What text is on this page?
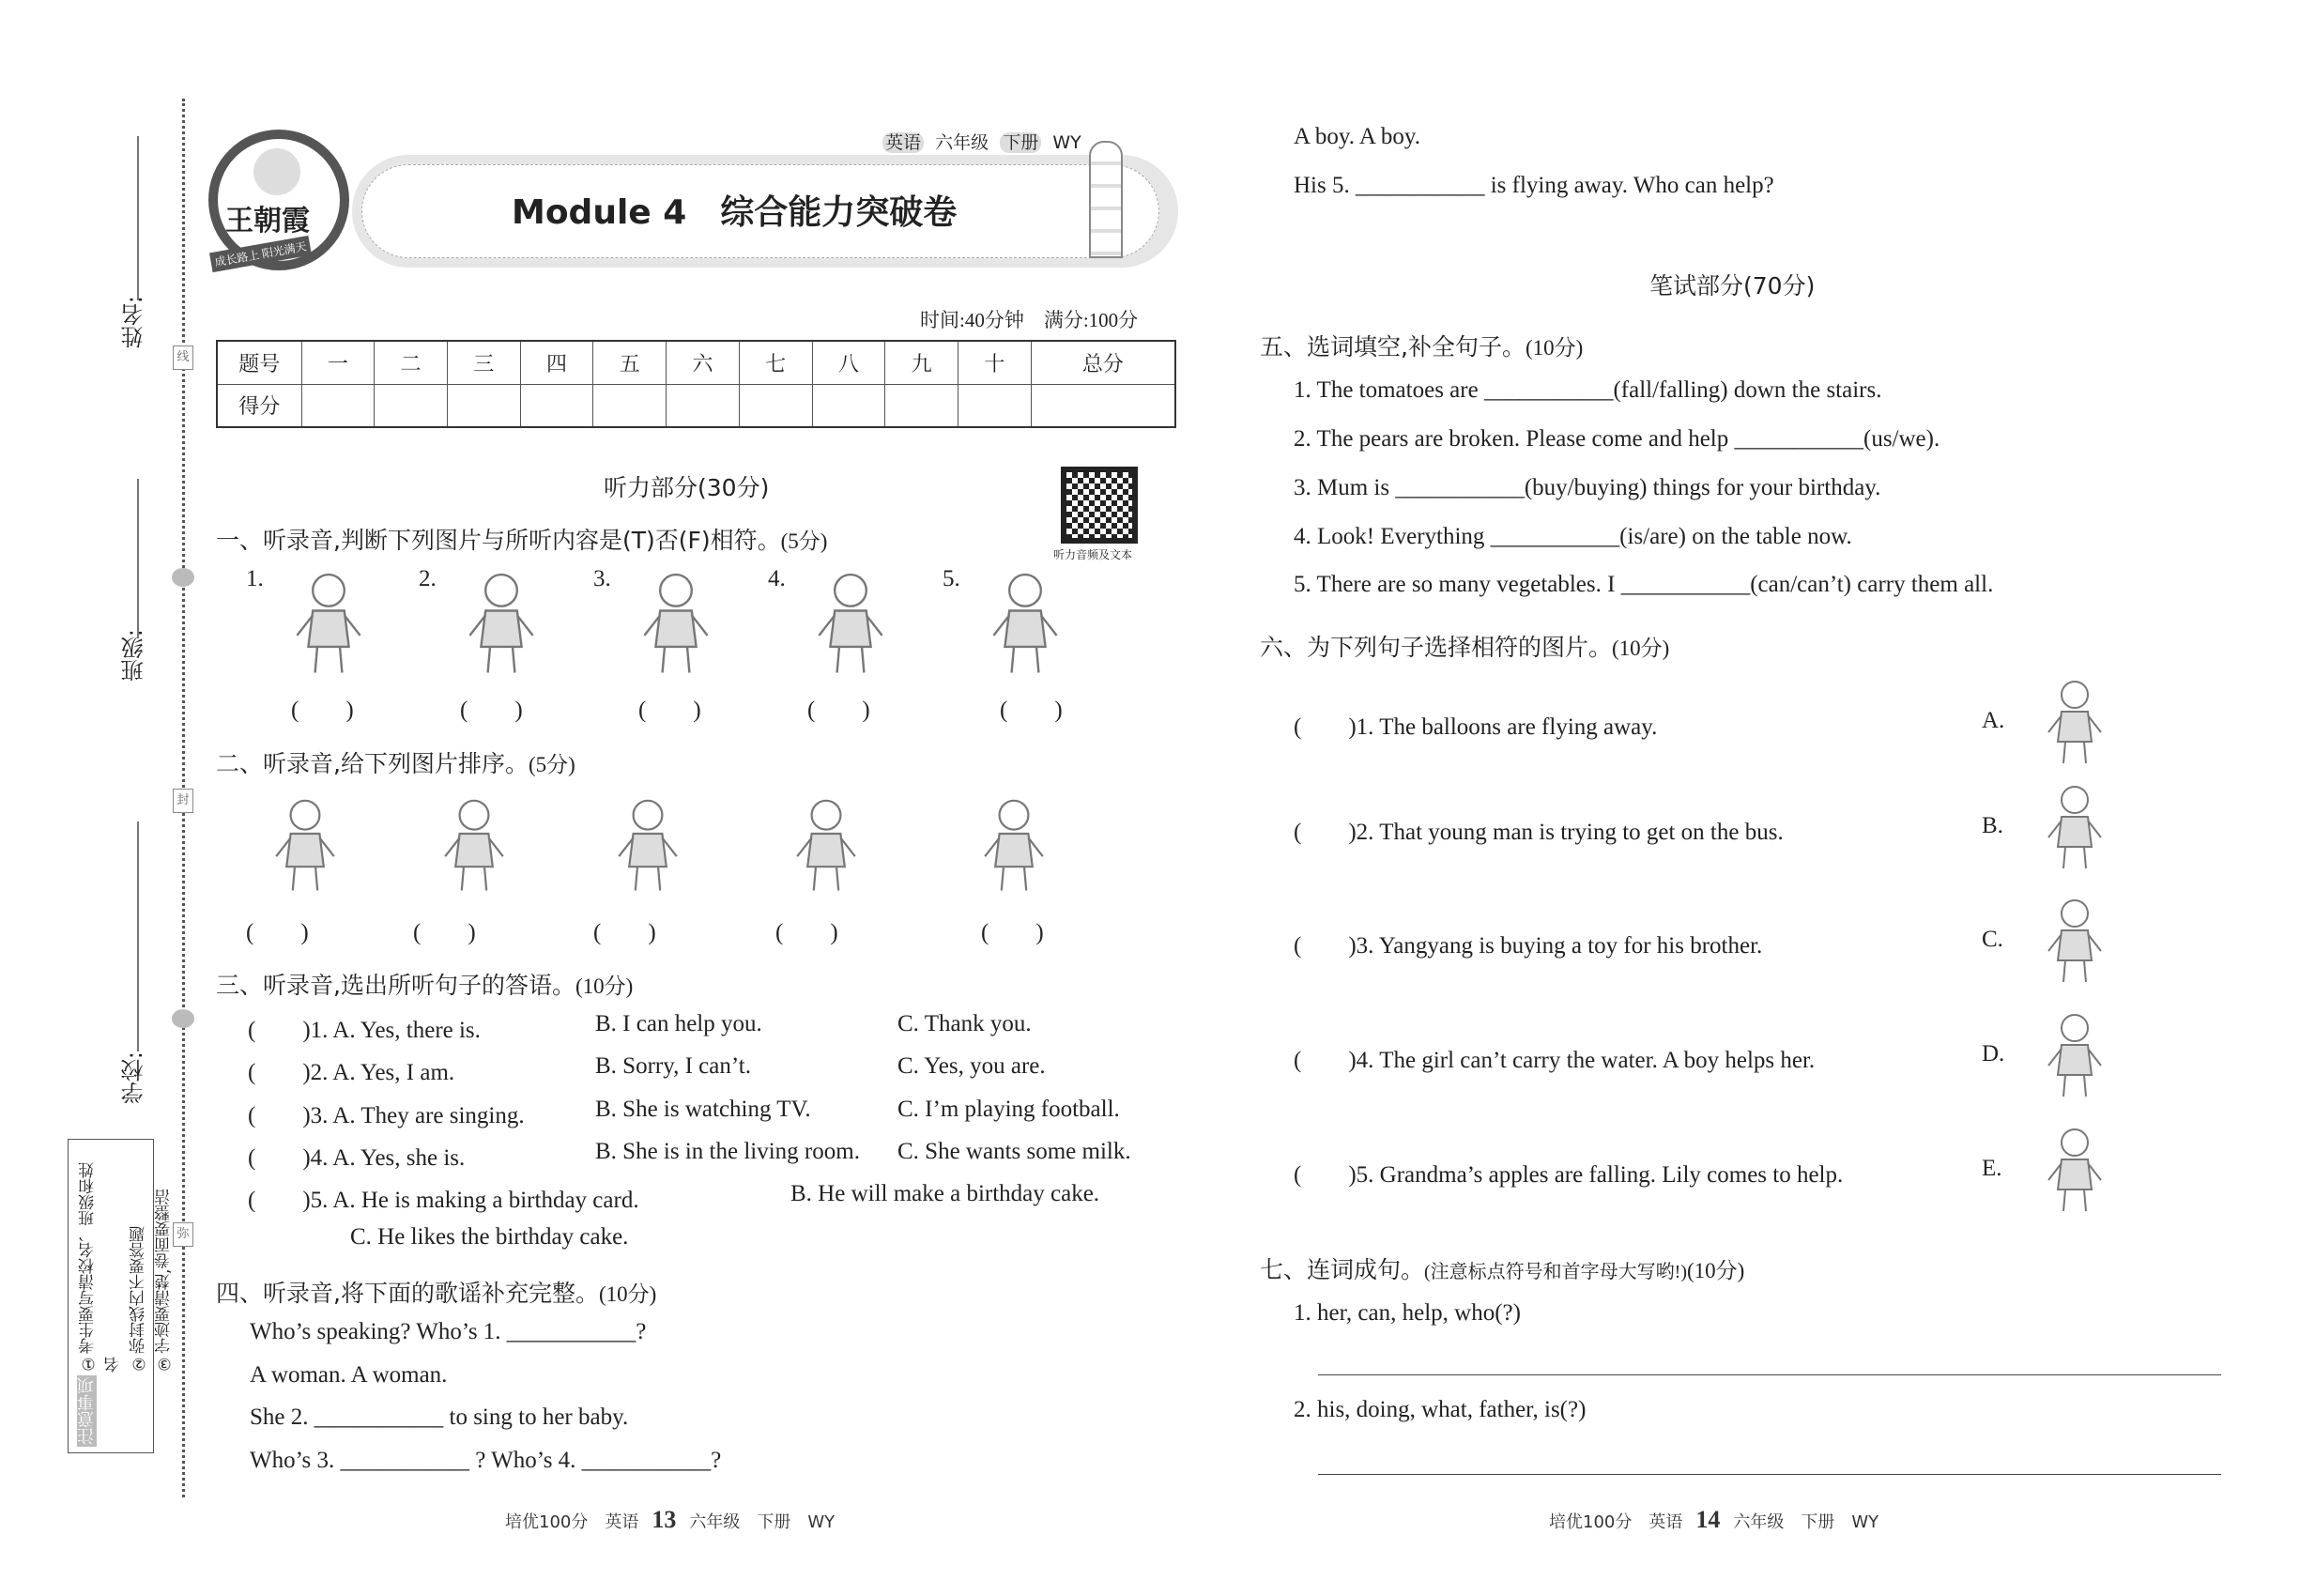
线
封
弥
姓名:
班级:
学校:
注意事项

①考生要写清校名、班级和姓名 ②弥封线内不要答题 ③字迹要清楚,卷面要整洁
王朝霞
成长路上 阳光满天
英语 六年级 下册 WY
Module 4　综合能力突破卷
时间:40分钟　满分:100分
题号	一	二	三	四	五	六	七	八	九	十	总分
得分											
听力部分(30分)
听力音频及文本
一、听录音,判断下列图片与所听内容是(T)否(F)相符。(5分)
1.
(　　)
2.
(　　)
3.
(　　)
4.
(　　)
5.
(　　)
二、听录音,给下列图片排序。(5分)
(　　)	(　　)	(　　)	(　　)	(　　)
三、听录音,选出所听句子的答语。(10分)
(　　)1. A. Yes, there is.	B. I can help you.	C. Thank you.
(　　)2. A. Yes, I am.	B. Sorry, I can’t.	C. Yes, you are.
(　　)3. A. They are singing.	B. She is watching TV.	C. I’m playing football.
(　　)4. A. Yes, she is.	B. She is in the living room. C. She wants some milk.
(　　)5. A. He is making a birthday card.	B. He will make a birthday cake.
C. He likes the birthday cake.
四、听录音,将下面的歌谣补充完整。(10分)
Who’s speaking? Who’s 1. ___________?
A woman. A woman.
She 2. ___________ to sing to her baby.
Who’s 3. ___________ ? Who’s 4. ___________?
A boy. A boy.
His 5. ___________ is flying away. Who can help?
笔试部分(70分)
五、选词填空,补全句子。(10分)
1. The tomatoes are ___________(fall/falling) down the stairs.
2. The pears are broken. Please come and help ___________(us/we).
3. Mum is ___________(buy/buying) things for your birthday.
4. Look! Everything ___________(is/are) on the table now.
5. There are so many vegetables. I ___________(can/can’t) carry them all.
六、为下列句子选择相符的图片。(10分)
(　　)1. The balloons are flying away.	A.
(　　)2. That young man is trying to get on the bus.	B.
(　　)3. Yangyang is buying a toy for his brother.	C.
(　　)4. The girl can’t carry the water. A boy helps her.	D.
(　　)5. Grandma’s apples are falling. Lily comes to help.	E.
七、连词成句。(注意标点符号和首字母大写哟!)(10分)
1. her, can, help, who(?)
2. his, doing, what, father, is(?)
培优100分　英语 13 六年级　下册　WY	培优100分　英语 14 六年级　下册　WY
